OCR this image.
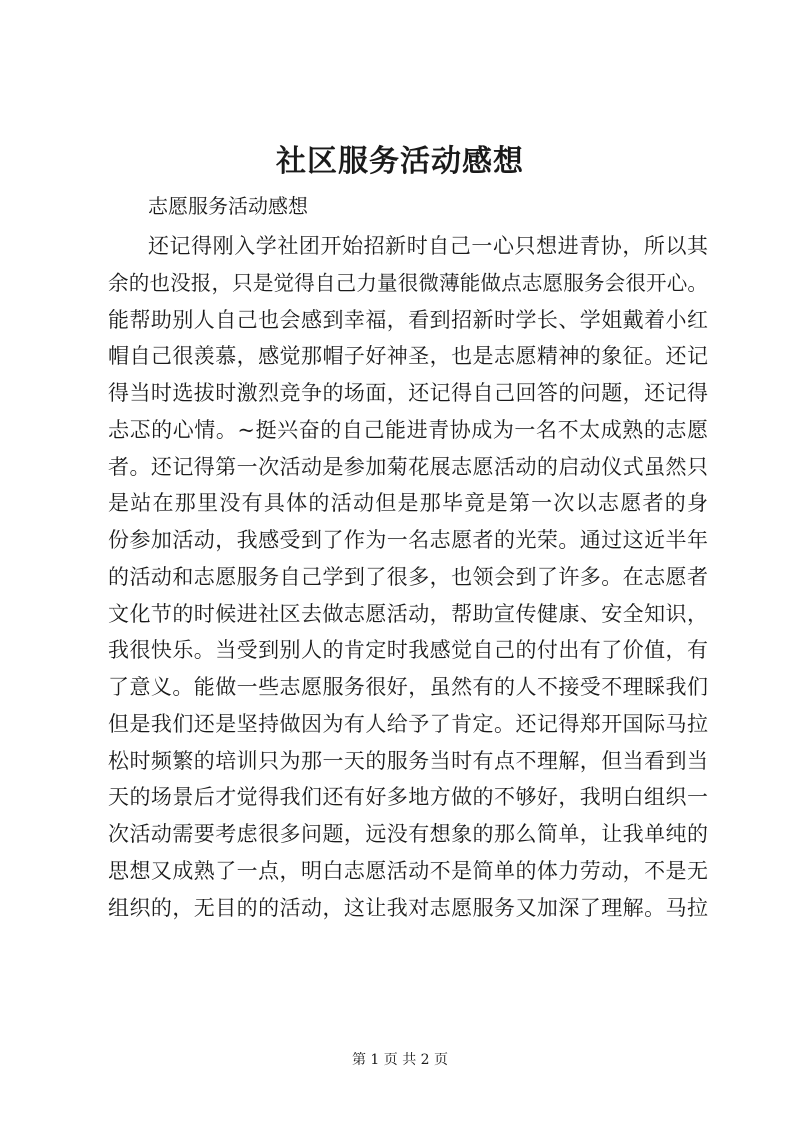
社区服务活动感想

志愿服务活动感想

还记得刚入学社团开始招新时自己一心只想进青协，所以其
余的也没报，只是觉得自己力量很微薄能做点志愿服务会很开心。
能帮助别人自己也会感到幸福，看到招新时学长、学姐戴着小红
帽自己很羡慕，感觉那帽子好神圣，也是志愿精神的象征。还记
得当时选拔时激烈竞争的场面，还记得自己回答的问题，还记得
忐忑的心情。~挺兴奋的自己能进青协成为一名不太成熟的志愿
者。还记得第一次活动是参加菊花展志愿活动的启动仪式虽然只
是站在那里没有具体的活动但是那毕竟是第一次以志愿者的身
份参加活动，我感受到了作为一名志愿者的光荣。通过这近半年
的活动和志愿服务自己学到了很多，也领会到了许多。在志愿者
文化节的时候进社区去做志愿活动，帮助宣传健康、安全知识，
我很快乐。当受到别人的肯定时我感觉自己的付出有了价值，有
了意义。能做一些志愿服务很好，虽然有的人不接受不理睬我们
但是我们还是坚持做因为有人给予了肯定。还记得郑开国际马拉
松时频繁的培训只为那一天的服务当时有点不理解，但当看到当
天的场景后才觉得我们还有好多地方做的不够好，我明白组织一
次活动需要考虑很多问题，远没有想象的那么简单，让我单纯的
思想又成熟了一点，明白志愿活动不是简单的体力劳动，不是无
组织的，无目的的活动，这让我对志愿服务又加深了理解。马拉

第 1 页 共 2 页
